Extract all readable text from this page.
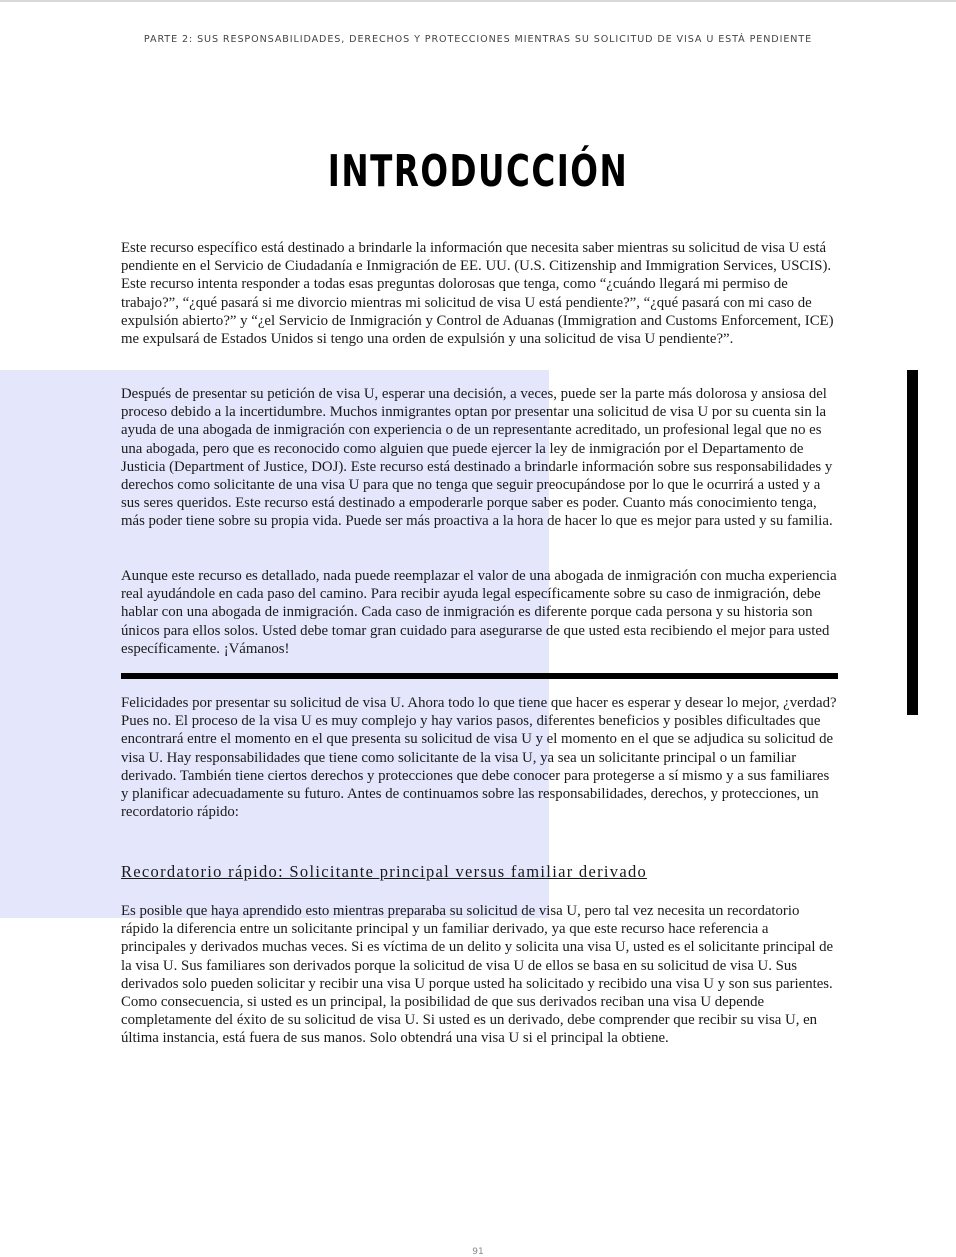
PARTE 2: SUS RESPONSABILIDADES, DERECHOS Y PROTECCIONES MIENTRAS SU SOLICITUD DE VISA U ESTÁ PENDIENTE
INTRODUCCIÓN

Este recurso específico está destinado a brindarle la información que necesita saber mientras su solicitud de visa U está pendiente en el Servicio de Ciudadanía e Inmigración de EE. UU. (U.S. Citizenship and Immigration Services, USCIS). Este recurso intenta responder a todas esas preguntas dolorosas que tenga, como “¿cuándo llegará mi permiso de trabajo?”, “¿qué pasará si me divorcio mientras mi solicitud de visa U está pendiente?”, “¿qué pasará con mi caso de expulsión abierto?” y “¿el Servicio de Inmigración y Control de Aduanas (Immigration and Customs Enforcement, ICE) me expulsará de Estados Unidos si tengo una orden de expulsión y una solicitud de visa U pendiente?”.

Después de presentar su petición de visa U, esperar una decisión, a veces, puede ser la parte más dolorosa y ansiosa del proceso debido a la incertidumbre. Muchos inmigrantes optan por presentar una solicitud de visa U por su cuenta sin la ayuda de una abogada de inmigración con experiencia o de un representante acreditado, un profesional legal que no es una abogada, pero que es reconocido como alguien que puede ejercer la ley de inmigración por el Departamento de Justicia (Department of Justice, DOJ). Este recurso está destinado a brindarle información sobre sus responsabilidades y derechos como solicitante de una visa U para que no tenga que seguir preocupándose por lo que le ocurrirá a usted y a sus seres queridos. Este recurso está destinado a empoderarle porque saber es poder. Cuanto más conocimiento tenga, más poder tiene sobre su propia vida. Puede ser más proactiva a la hora de hacer lo que es mejor para usted y su familia.

Aunque este recurso es detallado, nada puede reemplazar el valor de una abogada de inmigración con mucha experiencia real ayudándole en cada paso del camino. Para recibir ayuda legal específicamente sobre su caso de inmigración, debe hablar con una abogada de inmigración. Cada caso de inmigración es diferente porque cada persona y su historia son únicos para ellos solos. Usted debe tomar gran cuidado para asegurarse de que usted esta recibiendo el mejor para usted específicamente. ¡Vámanos!

Felicidades por presentar su solicitud de visa U. Ahora todo lo que tiene que hacer es esperar y desear lo mejor, ¿verdad? Pues no. El proceso de la visa U es muy complejo y hay varios pasos, diferentes beneficios y posibles dificultades que encontrará entre el momento en el que presenta su solicitud de visa U y el momento en el que se adjudica su solicitud de visa U. Hay responsabilidades que tiene como solicitante de la visa U, ya sea un solicitante principal o un familiar derivado. También tiene ciertos derechos y protecciones que debe conocer para protegerse a sí mismo y a sus familiares y planificar adecuadamente su futuro. Antes de continuamos sobre las responsabilidades, derechos, y protecciones, un recordatorio rápido:

Recordatorio rápido: Solicitante principal versus familiar derivado

Es posible que haya aprendido esto mientras preparaba su solicitud de visa U, pero tal vez necesita un recordatorio rápido la diferencia entre un solicitante principal y un familiar derivado, ya que este recurso hace referencia a principales y derivados muchas veces. Si es víctima de un delito y solicita una visa U, usted es el solicitante principal de la visa U. Sus familiares son derivados porque la solicitud de visa U de ellos se basa en su solicitud de visa U. Sus derivados solo pueden solicitar y recibir una visa U porque usted ha solicitado y recibido una visa U y son sus parientes. Como consecuencia, si usted es un principal, la posibilidad de que sus derivados reciban una visa U depende completamente del éxito de su solicitud de visa U. Si usted es un derivado, debe comprender que recibir su visa U, en última instancia, está fuera de sus manos. Solo obtendrá una visa U si el principal la obtiene.

91
